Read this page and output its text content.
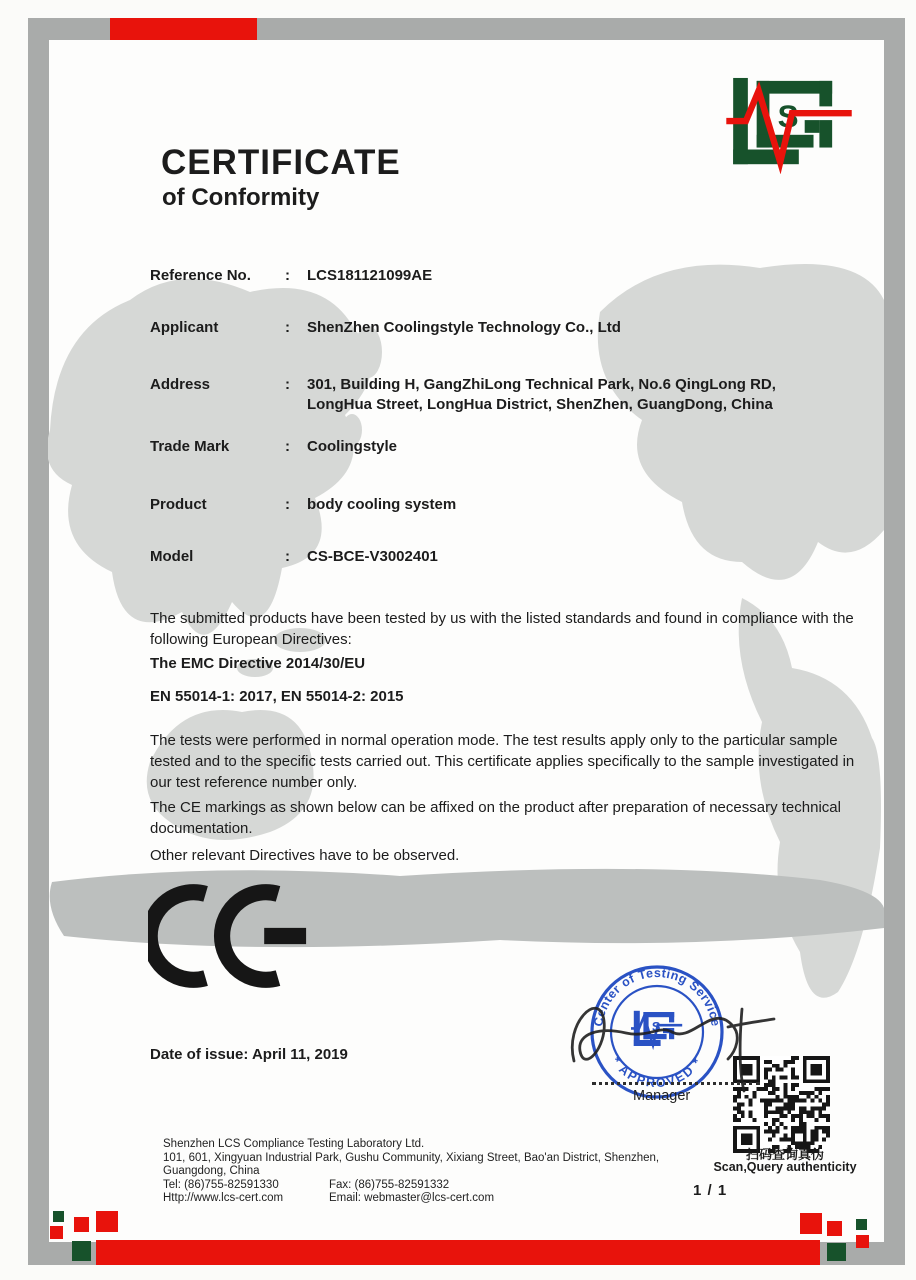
S
CERTIFICATE
of Conformity
Reference No.	:	LCS181121099AE
Applicant	:	ShenZhen Coolingstyle Technology Co., Ltd
Address	:	301, Building H, GangZhiLong Technical Park, No.6 QingLong RD, LongHua Street, LongHua District, ShenZhen, GuangDong, China
Trade Mark	:	Coolingstyle
Product	:	body cooling system
Model	:	CS-BCE-V3002401
The submitted products have been tested by us with the listed standards and found in compliance with the following European Directives:
The EMC Directive 2014/30/EU
EN 55014-1: 2017, EN 55014-2: 2015
The tests were performed in normal operation mode. The test results apply only to the particular sample tested and to the specific tests carried out. This certificate applies specifically to the sample investigated in our test reference number only.
The CE markings as shown below can be affixed on the product after preparation of necessary technical documentation.
Other relevant Directives have to be observed.
Date of issue: April 11, 2019
Center of Testing Service
* APPROVED *
S
Manager
扫码查询真伪
Scan,Query authenticity
1 / 1
Shenzhen LCS Compliance Testing Laboratory Ltd.
101, 601, Xingyuan Industrial Park, Gushu Community, Xixiang Street, Bao'an District, Shenzhen,
Guangdong, China
Tel: (86)755-82591330	Fax: (86)755-82591332
Http://www.lcs-cert.com	Email: webmaster@lcs-cert.com
